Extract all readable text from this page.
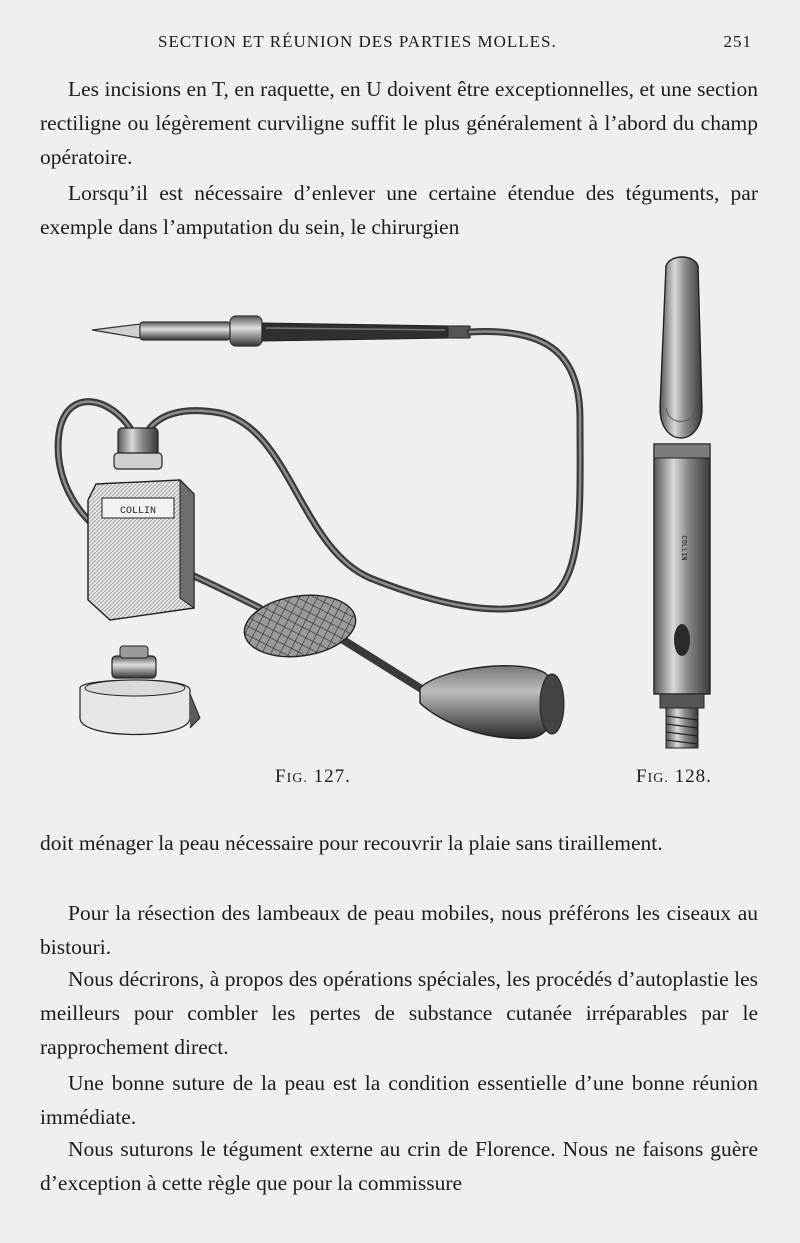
SECTION ET RÉUNION DES PARTIES MOLLES.	251
Les incisions en T, en raquette, en U doivent être exceptionnelles, et une section rectiligne ou légèrement curviligne suffit le plus généralement à l’abord du champ opératoire.
Lorsqu’il est nécessaire d’enlever une certaine étendue des téguments, par exemple dans l’amputation du sein, le chirurgien
COLLIN
COLLIN
FIG. 127.	FIG. 128.
doit ménager la peau nécessaire pour recouvrir la plaie sans tiraillement.
Pour la résection des lambeaux de peau mobiles, nous préférons les ciseaux au bistouri.
Nous décrirons, à propos des opérations spéciales, les procédés d’autoplastie les meilleurs pour combler les pertes de substance cutanée irréparables par le rapprochement direct.
Une bonne suture de la peau est la condition essentielle d’une bonne réunion immédiate.
Nous suturons le tégument externe au crin de Florence. Nous ne faisons guère d’exception à cette règle que pour la commissure
